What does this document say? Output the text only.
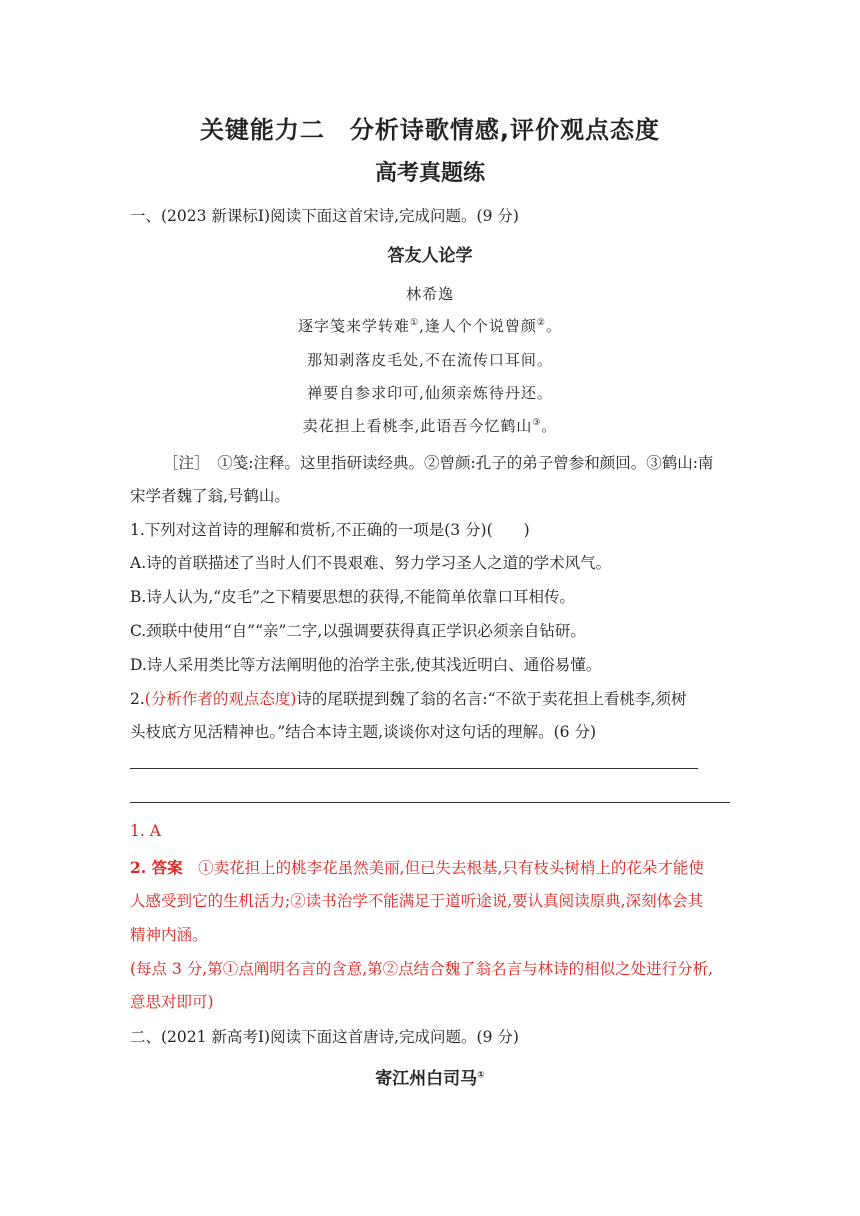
关键能力二　分析诗歌情感,评价观点态度
高考真题练
一、(2023 新课标Ⅰ)阅读下面这首宋诗,完成问题。(9 分)
答友人论学
林希逸
逐字笺来学转难①,逢人个个说曾颜②。
那知剥落皮毛处,不在流传口耳间。
禅要自参求印可,仙须亲炼待丹还。
卖花担上看桃李,此语吾今忆鹤山③。
［注］　①笺:注释。这里指研读经典。②曾颜:孔子的弟子曾参和颜回。③鹤山:南
宋学者魏了翁,号鹤山。
1.下列对这首诗的理解和赏析,不正确的一项是(3 分)(　　)
A.诗的首联描述了当时人们不畏艰难、努力学习圣人之道的学术风气。
B.诗人认为,“皮毛”之下精要思想的获得,不能简单依靠口耳相传。
C.颈联中使用“自”“亲”二字,以强调要获得真正学识必须亲自钻研。
D.诗人采用类比等方法阐明他的治学主张,使其浅近明白、通俗易懂。
2.(分析作者的观点态度)诗的尾联提到魏了翁的名言:“不欲于卖花担上看桃李,须树
头枝底方见活精神也。”结合本诗主题,谈谈你对这句话的理解。(6 分)
1. A
2. 答案　①卖花担上的桃李花虽然美丽,但已失去根基,只有枝头树梢上的花朵才能使
人感受到它的生机活力;②读书治学不能满足于道听途说,要认真阅读原典,深刻体会其
精神内涵。
(每点 3 分,第①点阐明名言的含意,第②点结合魏了翁名言与林诗的相似之处进行分析,
意思对即可)
二、(2021 新高考Ⅰ)阅读下面这首唐诗,完成问题。(9 分)
寄江州白司马①
